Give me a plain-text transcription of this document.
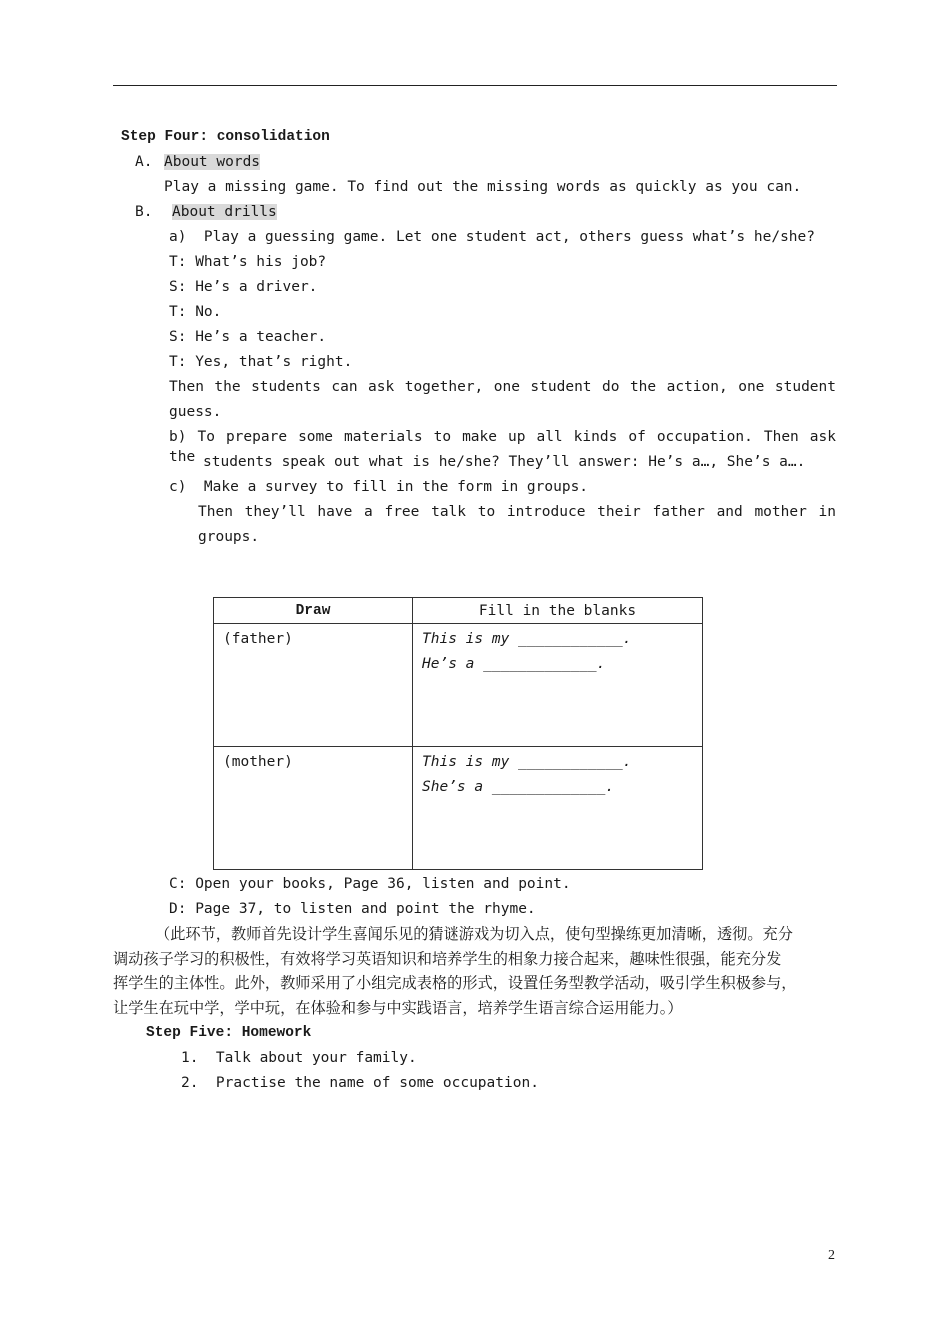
Step Four: consolidation
A. About words
Play a missing game. To find out the missing words as quickly as you can.
B. About drills
a)  Play a guessing game. Let one student act, others guess what’s he/she?
T: What’s his job?
S: He’s a driver.
T: No.
S: He’s a teacher.
T: Yes, that’s right.
Then the students can ask together, one student do the action, one student
guess.
b) To prepare some materials to make up all kinds of occupation. Then ask the students speak out what is he/she? They’ll answer: He’s a…, She’s a….
c)  Make a survey to fill in the form in groups.
Then they’ll have a free talk to introduce their father and mother in
groups.
Draw	Fill in the blanks

(father)	This is my ____________.
He’s a _____________.

(mother)	This is my ____________.
She’s a _____________.
C: Open your books, Page 36, listen and point.
D: Page 37, to listen and point the rhyme.
（此环节，教师首先设计学生喜闻乐见的猜谜游戏为切入点，使句型操练更加清晰，透彻。充分
调动孩子学习的积极性，有效将学习英语知识和培养学生的相象力接合起来，趣味性很强，能充分发
挥学生的主体性。此外，教师采用了小组完成表格的形式，设置任务型教学活动，吸引学生积极参与，
让学生在玩中学，学中玩，在体验和参与中实践语言，培养学生语言综合运用能力。）
Step Five: Homework
1.  Talk about your family.
2.  Practise the name of some occupation.
2
